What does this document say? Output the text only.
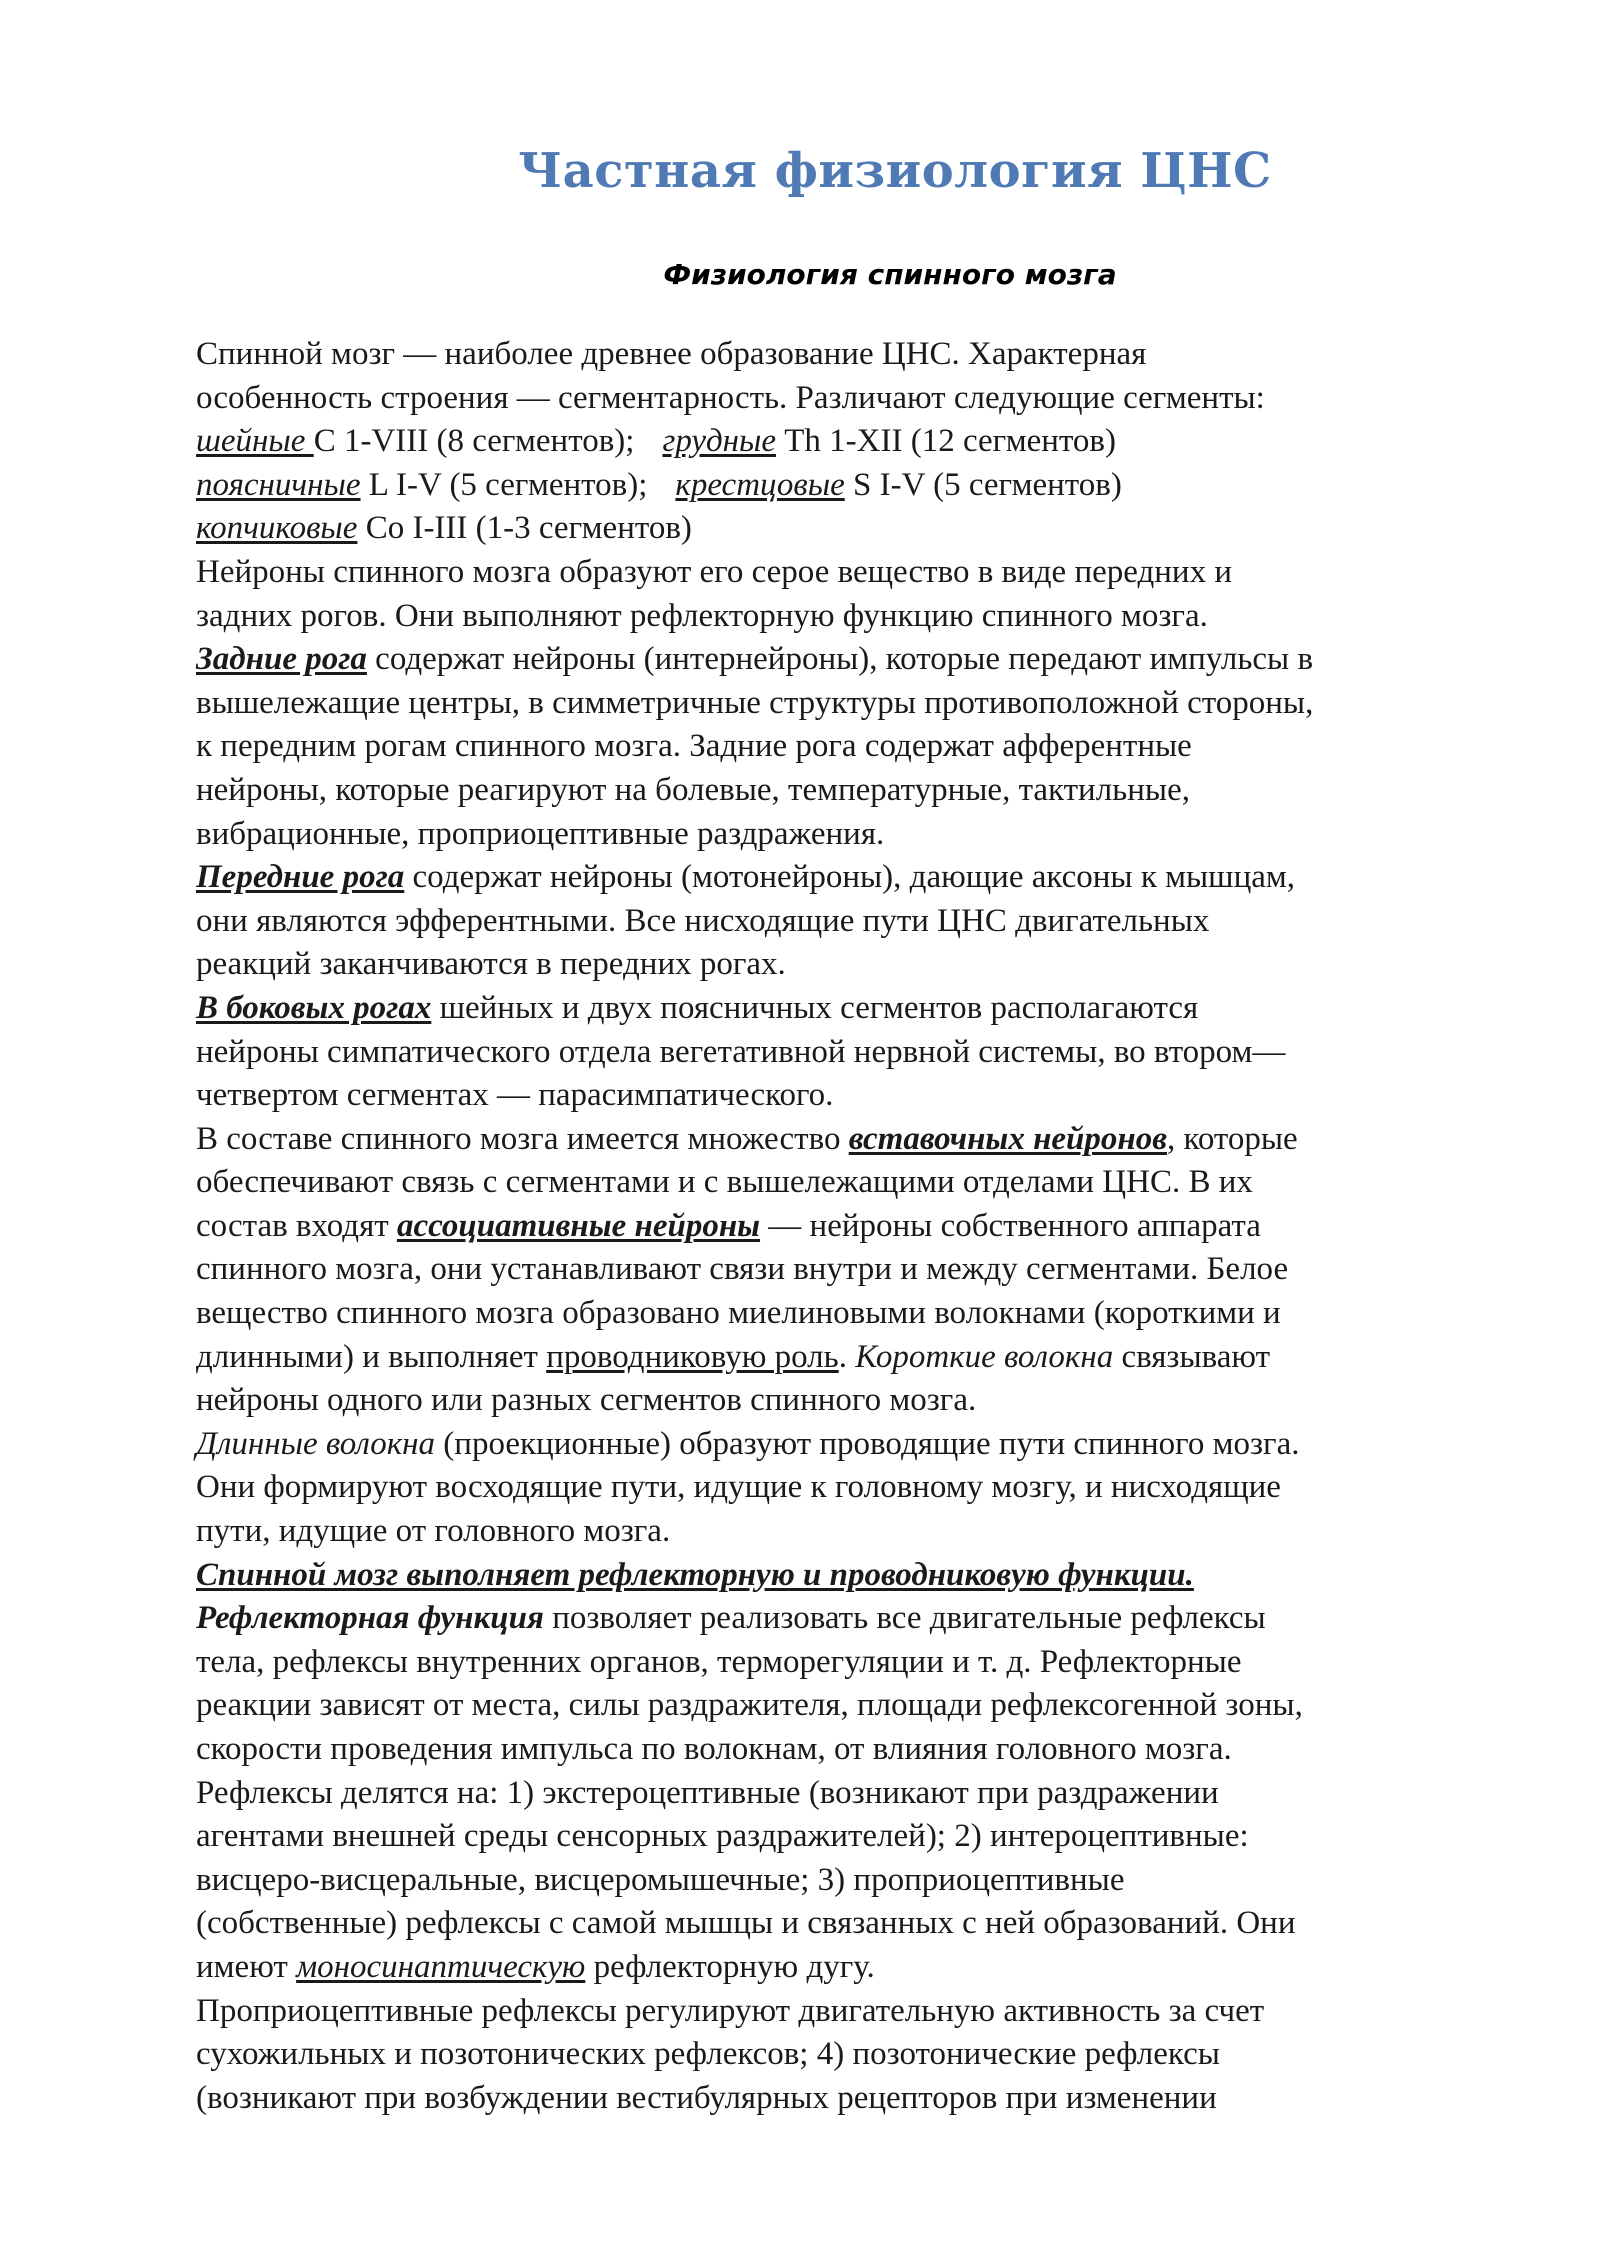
Частная физиология ЦНС
Физиология спинного мозга
Спинной мозг — наиболее древнее образование ЦНС. Характерная
особенность строения — сегментарность. Различают следующие сегменты:
шейные C 1-VIII (8 сегментов); грудные Th 1-XII (12 сегментов)
поясничные L I-V (5 сегментов); крестцовые S I-V (5 сегментов)
копчиковые Co I-III (1-3 сегментов)
Нейроны спинного мозга образуют его серое вещество в виде передних и
задних рогов. Они выполняют рефлекторную функцию спинного мозга.
Задние рога содержат нейроны (интернейроны), которые передают импульсы в
вышележащие центры, в симметричные структуры противоположной стороны,
к передним рогам спинного мозга. Задние рога содержат афферентные
нейроны, которые реагируют на болевые, температурные, тактильные,
вибрационные, проприоцептивные раздражения.
Передние рога содержат нейроны (мотонейроны), дающие аксоны к мышцам,
они являются эфферентными. Все нисходящие пути ЦНС двигательных
реакций заканчиваются в передних рогах.
В боковых рогах шейных и двух поясничных сегментов располагаются
нейроны симпатического отдела вегетативной нервной системы, во втором—
четвертом сегментах — парасимпатического.
В составе спинного мозга имеется множество вставочных нейронов, которые
обеспечивают связь с сегментами и с вышележащими отделами ЦНС. В их
состав входят ассоциативные нейроны — нейроны собственного аппарата
спинного мозга, они устанавливают связи внутри и между сегментами. Белое
вещество спинного мозга образовано миелиновыми волокнами (короткими и
длинными) и выполняет проводниковую роль. Короткие волокна связывают
нейроны одного или разных сегментов спинного мозга.
Длинные волокна (проекционные) образуют проводящие пути спинного мозга.
Они формируют восходящие пути, идущие к головному мозгу, и нисходящие
пути, идущие от головного мозга.
Спинной мозг выполняет рефлекторную и проводниковую функции.
Рефлекторная функция позволяет реализовать все двигательные рефлексы
тела, рефлексы внутренних органов, терморегуляции и т. д. Рефлекторные
реакции зависят от места, силы раздражителя, площади рефлексогенной зоны,
скорости проведения импульса по волокнам, от влияния головного мозга.
Рефлексы делятся на: 1) экстероцептивные (возникают при раздражении
агентами внешней среды сенсорных раздражителей); 2) интероцептивные:
висцеро-висцеральные, висцеромышечные; 3) проприоцептивные
(собственные) рефлексы с самой мышцы и связанных с ней образований. Они
имеют моносинаптическую рефлекторную дугу.
Проприоцептивные рефлексы регулируют двигательную активность за счет
сухожильных и позотонических рефлексов; 4) позотонические рефлексы
(возникают при возбуждении вестибулярных рецепторов при изменении
